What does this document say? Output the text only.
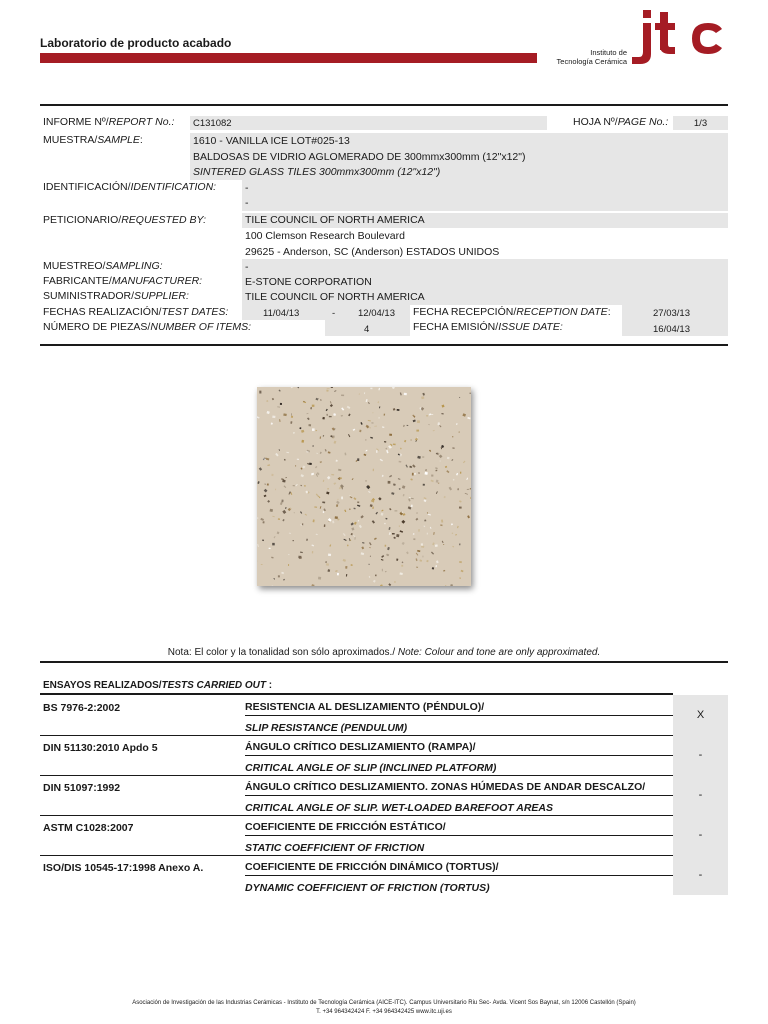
Laboratorio de producto acabado
Instituto de
Tecnología Cerámica
INFORME Nº/REPORT No.: C131082	HOJA Nº/PAGE No.:	1/3
MUESTRA/SAMPLE:	1610 - VANILLA ICE LOT#025-13
BALDOSAS DE VIDRIO AGLOMERADO DE 300mmx300mm (12"x12")
SINTERED GLASS TILES 300mmx300mm (12"x12")
IDENTIFICACIÓN/IDENTIFICATION:	-
-
PETICIONARIO/REQUESTED BY:	TILE COUNCIL OF NORTH AMERICA
100 Clemson Research Boulevard
29625 - Anderson, SC (Anderson) ESTADOS UNIDOS
MUESTREO/SAMPLING:	-
FABRICANTE/MANUFACTURER:	E-STONE CORPORATION
SUMINISTRADOR/SUPPLIER:	TILE COUNCIL OF NORTH AMERICA
FECHAS REALIZACIÓN/TEST DATES:	11/04/13	- 12/04/13 FECHA RECEPCIÓN/RECEPTION DATE:	27/03/13
NÚMERO DE PIEZAS/NUMBER OF ITEMS:	4	FECHA EMISIÓN/ISSUE DATE:	16/04/13
Nota: El color y la tonalidad son sólo aproximados./ Note: Colour and tone are only approximated.
ENSAYOS REALIZADOS/TESTS CARRIED OUT :
BS 7976-2:2002	RESISTENCIA AL DESLIZAMIENTO (PÉNDULO)/
SLIP RESISTANCE (PENDULUM)
X
DIN 51130:2010 Apdo 5	ÁNGULO CRÍTICO DESLIZAMIENTO (RAMPA)/
CRITICAL ANGLE OF SLIP (INCLINED PLATFORM)
-
DIN 51097:1992	ÁNGULO CRÍTICO DESLIZAMIENTO. ZONAS HÚMEDAS DE ANDAR DESCALZO/
CRITICAL ANGLE OF SLIP. WET-LOADED BAREFOOT AREAS
-
ASTM C1028:2007	COEFICIENTE DE FRICCIÓN ESTÁTICO/
STATIC COEFFICIENT OF FRICTION
-
ISO/DIS 10545-17:1998 Anexo A.	COEFICIENTE DE FRICCIÓN DINÁMICO (TORTUS)/
DYNAMIC COEFFICIENT OF FRICTION (TORTUS)
-
Asociación de Investigación de las Industrias Cerámicas - Instituto de Tecnología Cerámica (AICE-ITC). Campus Universitario Riu Sec- Avda. Vicent Sos Baynat, s/n 12006 Castellón (Spain)
T. +34 964342424 F. +34 964342425 www.itc.uji.es
